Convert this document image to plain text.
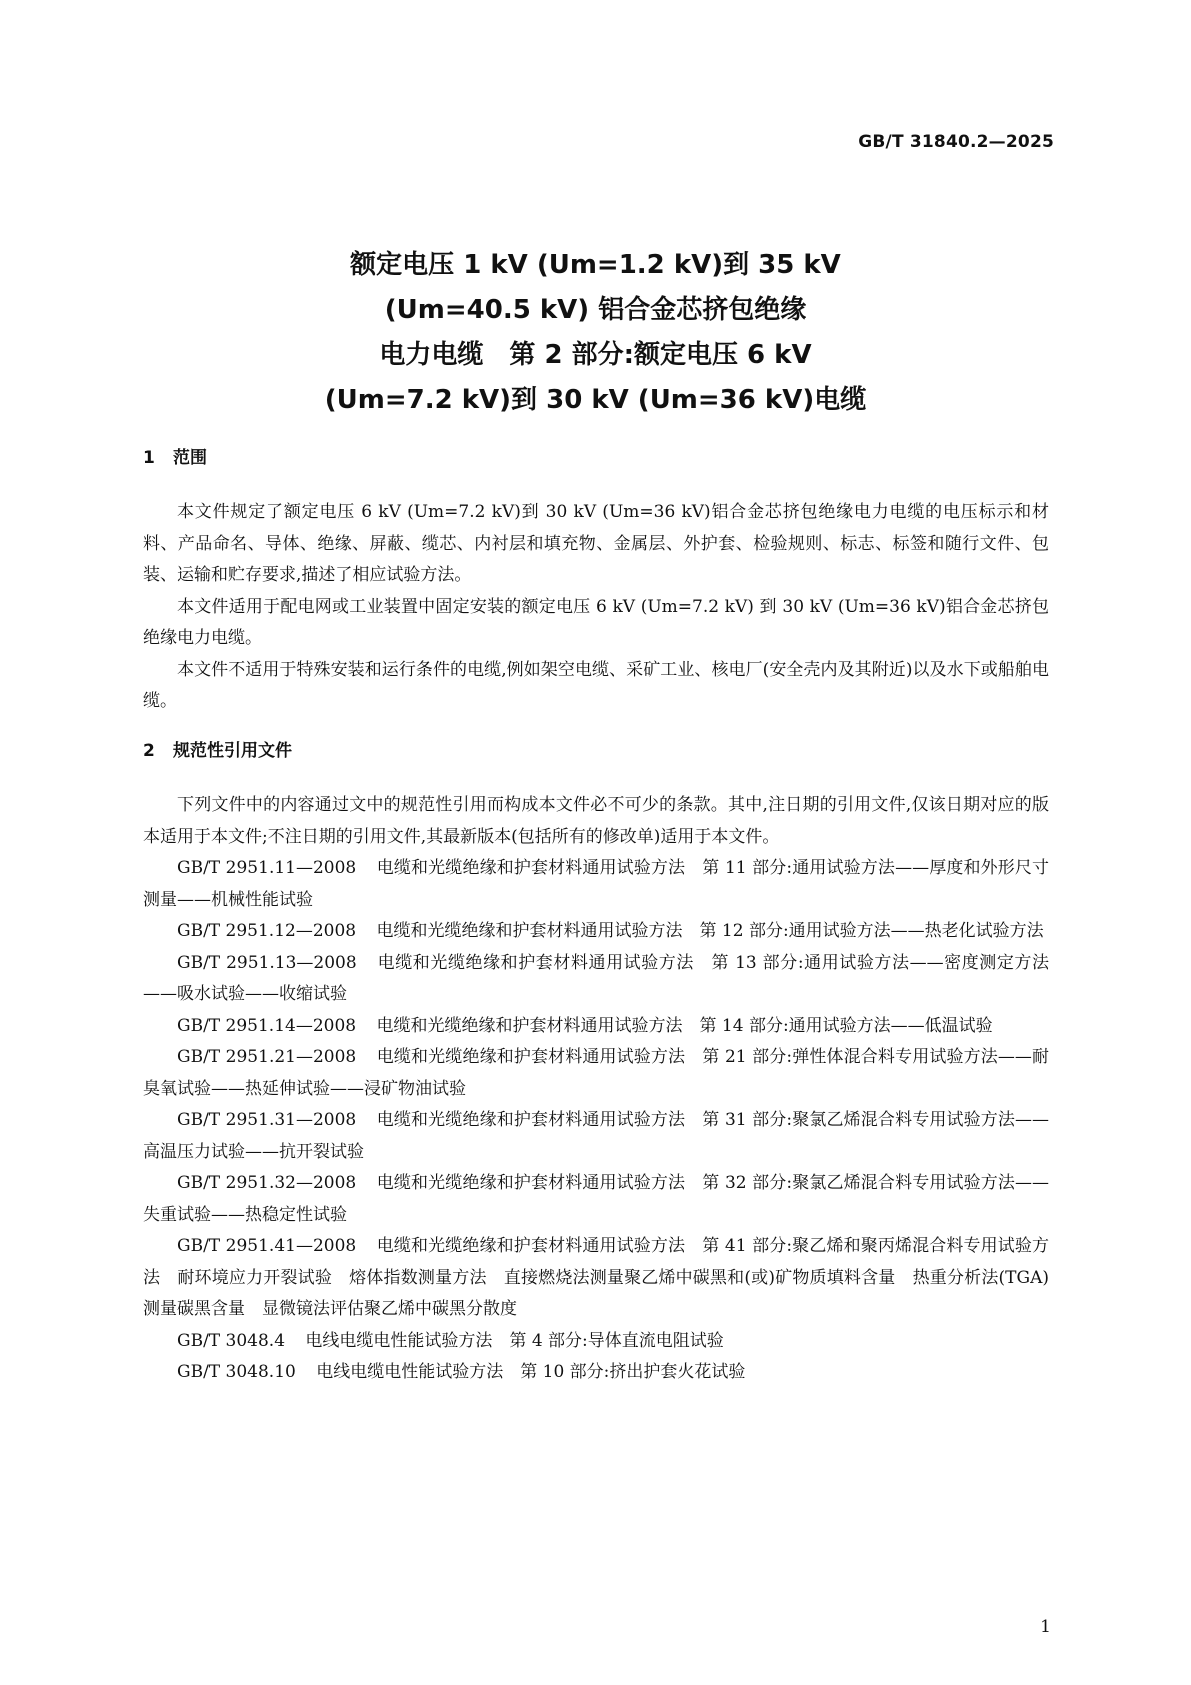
GB/T 31840.2—2025
额定电压 1 kV (Um=1.2 kV)到 35 kV
(Um=40.5 kV) 铝合金芯挤包绝缘
电力电缆　第 2 部分:额定电压 6 kV
(Um=7.2 kV)到 30 kV (Um=36 kV)电缆
1 范围

本文件规定了额定电压 6 kV (Um=7.2 kV)到 30 kV (Um=36 kV)铝合金芯挤包绝缘电力电缆的电压标示和材料、产品命名、导体、绝缘、屏蔽、缆芯、内衬层和填充物、金属层、外护套、检验规则、标志、标签和随行文件、包装、运输和贮存要求,描述了相应试验方法。

本文件适用于配电网或工业装置中固定安装的额定电压 6 kV (Um=7.2 kV) 到 30 kV (Um=36 kV)铝合金芯挤包绝缘电力电缆。

本文件不适用于特殊安装和运行条件的电缆,例如架空电缆、采矿工业、核电厂(安全壳内及其附近)以及水下或船舶电缆。

2 规范性引用文件

下列文件中的内容通过文中的规范性引用而构成本文件必不可少的条款。其中,注日期的引用文件,仅该日期对应的版本适用于本文件;不注日期的引用文件,其最新版本(包括所有的修改单)适用于本文件。

GB/T 2951.11—2008 电缆和光缆绝缘和护套材料通用试验方法　第 11 部分:通用试验方法——厚度和外形尺寸测量——机械性能试验

GB/T 2951.12—2008 电缆和光缆绝缘和护套材料通用试验方法　第 12 部分:通用试验方法——热老化试验方法

GB/T 2951.13—2008 电缆和光缆绝缘和护套材料通用试验方法　第 13 部分:通用试验方法——密度测定方法——吸水试验——收缩试验

GB/T 2951.14—2008 电缆和光缆绝缘和护套材料通用试验方法　第 14 部分:通用试验方法——低温试验

GB/T 2951.21—2008 电缆和光缆绝缘和护套材料通用试验方法　第 21 部分:弹性体混合料专用试验方法——耐臭氧试验——热延伸试验——浸矿物油试验

GB/T 2951.31—2008 电缆和光缆绝缘和护套材料通用试验方法　第 31 部分:聚氯乙烯混合料专用试验方法——高温压力试验——抗开裂试验

GB/T 2951.32—2008 电缆和光缆绝缘和护套材料通用试验方法　第 32 部分:聚氯乙烯混合料专用试验方法——失重试验——热稳定性试验

GB/T 2951.41—2008 电缆和光缆绝缘和护套材料通用试验方法　第 41 部分:聚乙烯和聚丙烯混合料专用试验方法　耐环境应力开裂试验　熔体指数测量方法　直接燃烧法测量聚乙烯中碳黑和(或)矿物质填料含量　热重分析法(TGA)测量碳黑含量　显微镜法评估聚乙烯中碳黑分散度

GB/T 3048.4 电线电缆电性能试验方法　第 4 部分:导体直流电阻试验

GB/T 3048.10 电线电缆电性能试验方法　第 10 部分:挤出护套火花试验

1
